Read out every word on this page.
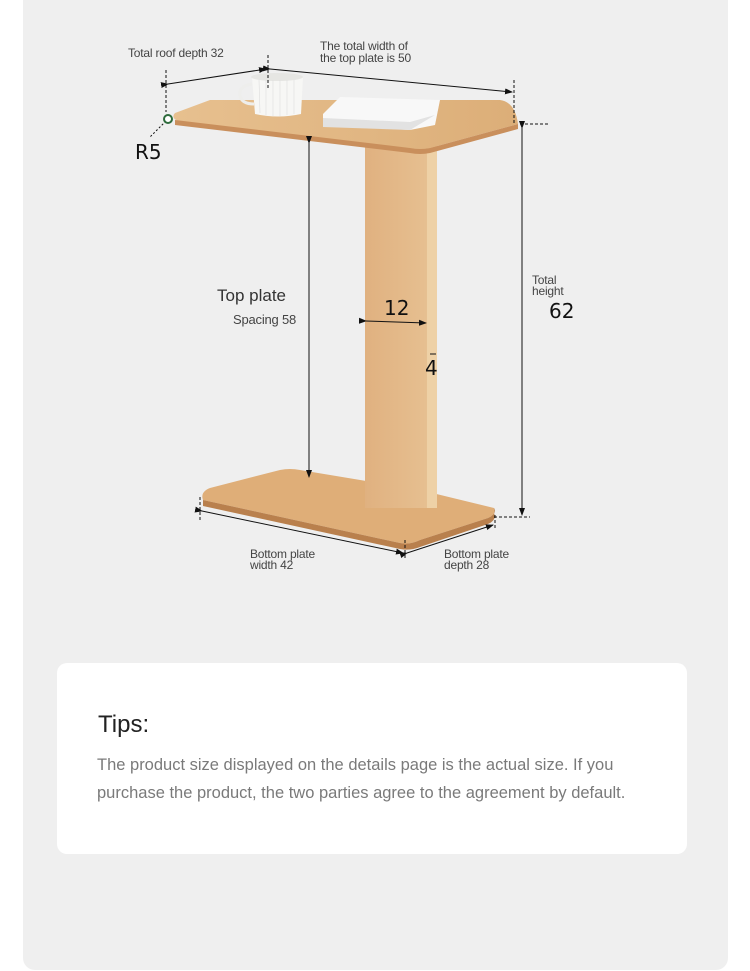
Total roof depth 32	The total width of
the top plate is 50
R5
Top plate
Spacing 58	12
4
Total
height
62
Bottom plate
width 42
Bottom plate
depth 28
Tips:
The product size displayed on the details page is the actual size. If you purchase the product, the two parties agree to the agreement by default.
